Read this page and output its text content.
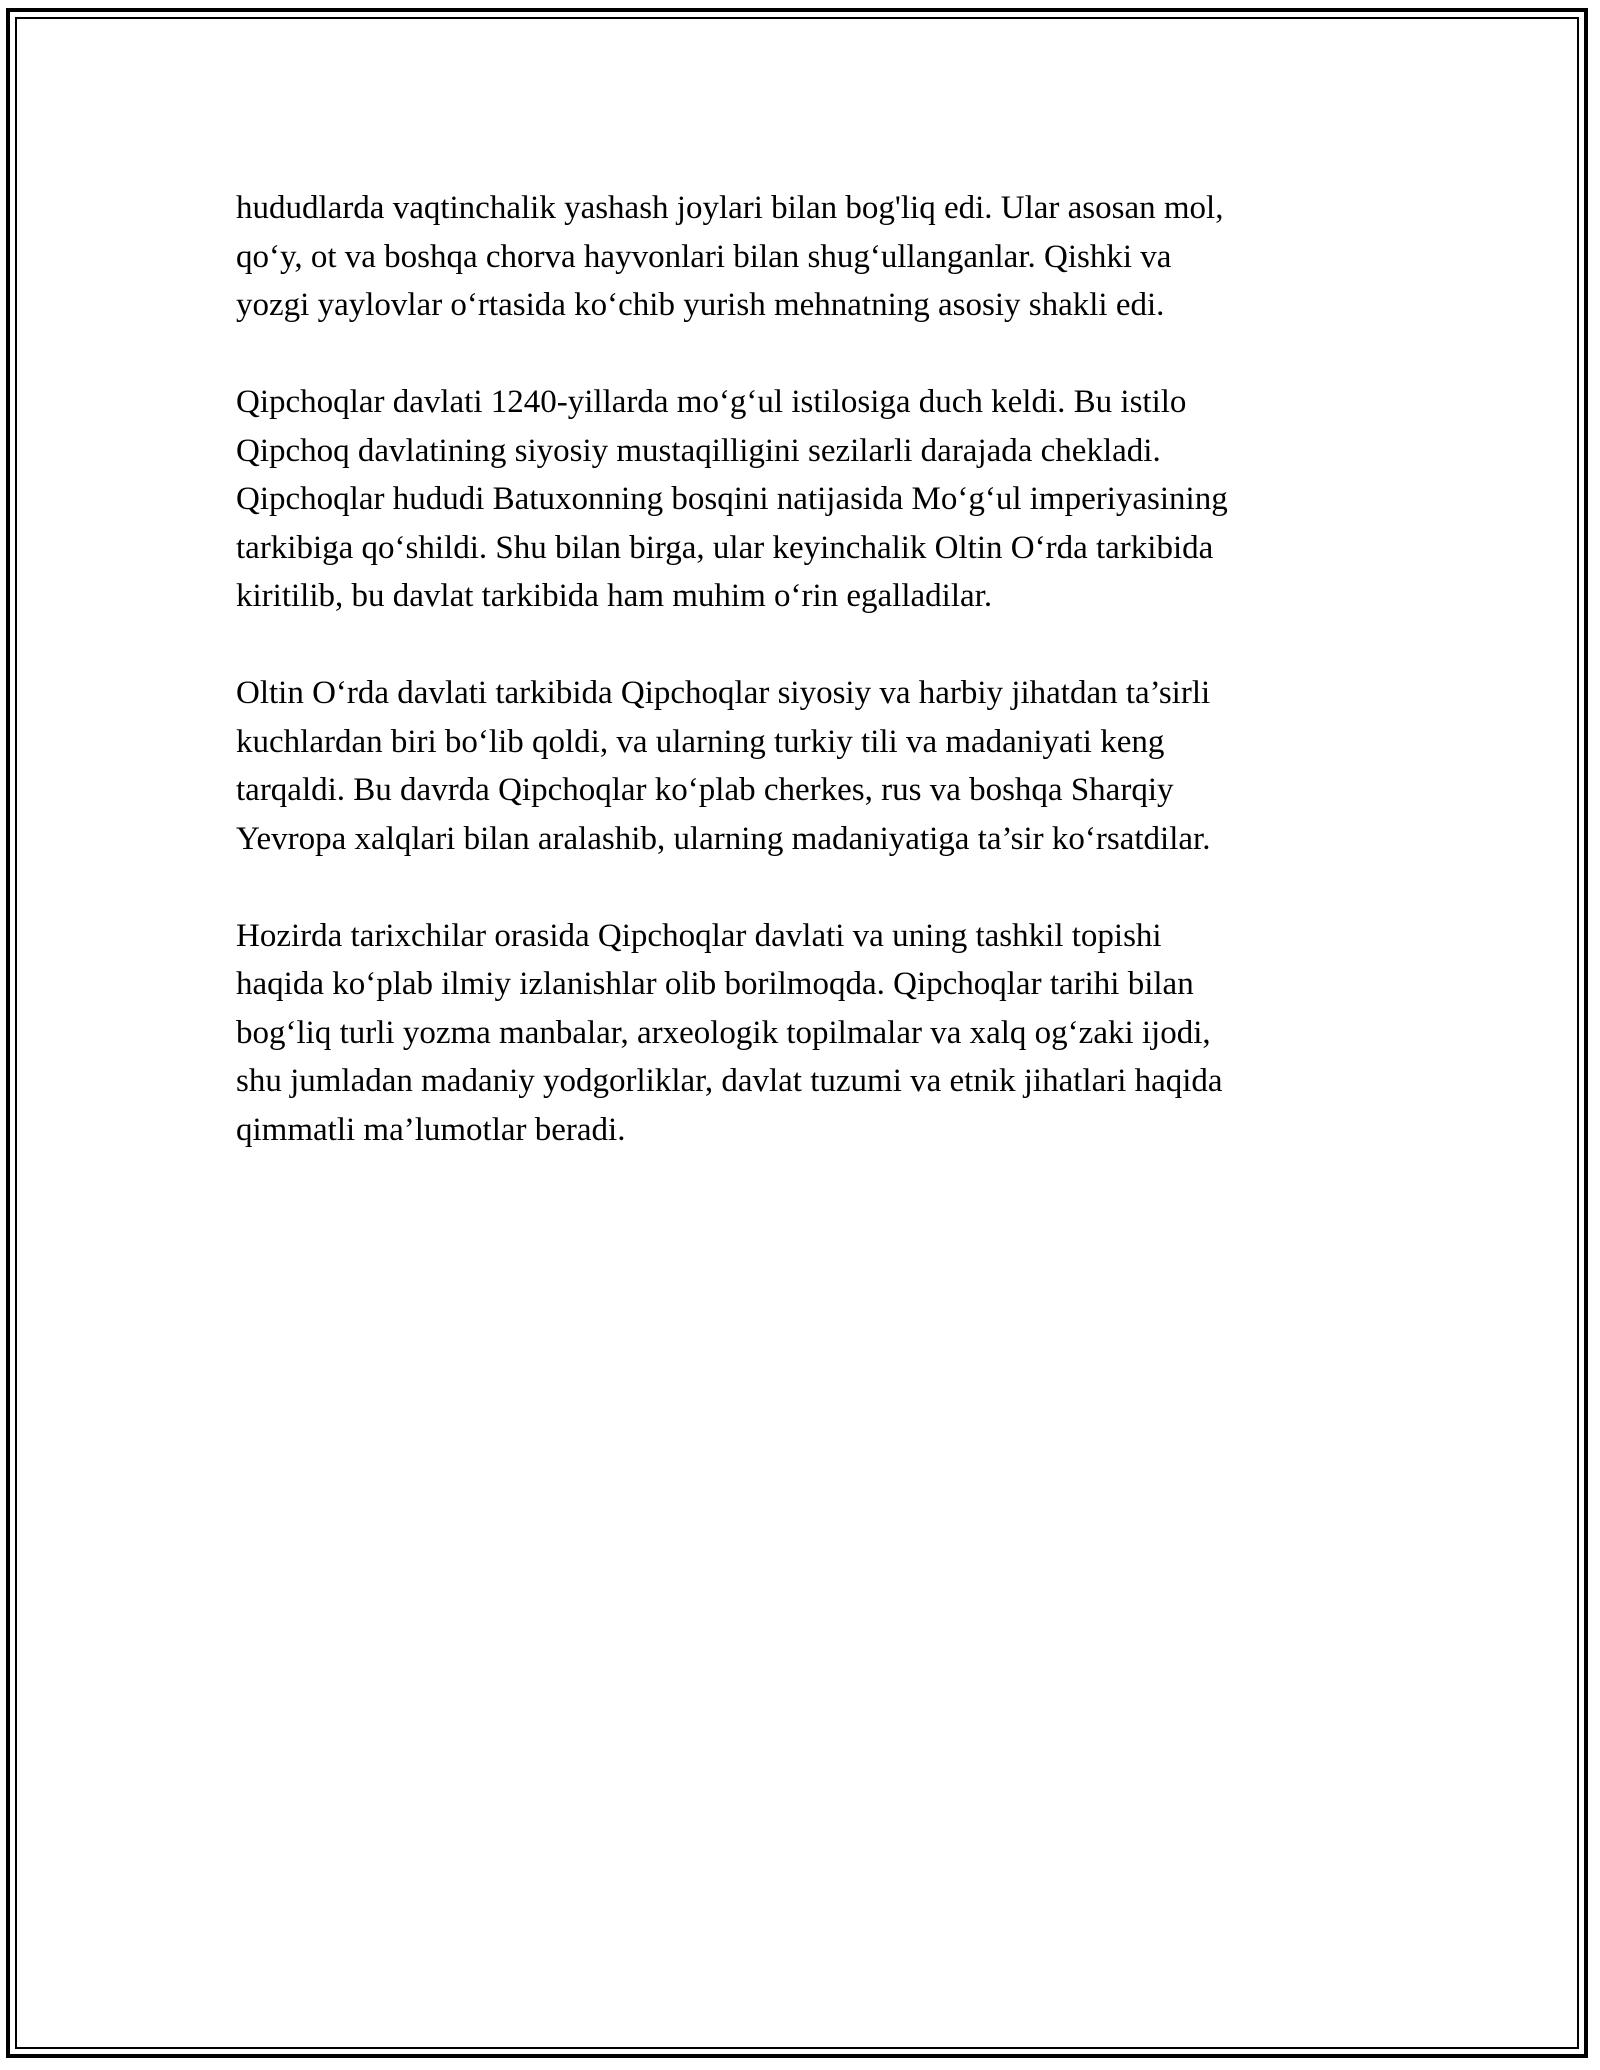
hududlarda vaqtinchalik yashash joylari bilan bog'liq edi. Ular asosan mol,
qo‘y, ot va boshqa chorva hayvonlari bilan shug‘ullanganlar. Qishki va
yozgi yaylovlar o‘rtasida ko‘chib yurish mehnatning asosiy shakli edi.

Qipchoqlar davlati 1240-yillarda mo‘g‘ul istilosiga duch keldi. Bu istilo
Qipchoq davlatining siyosiy mustaqilligini sezilarli darajada chekladi.
Qipchoqlar hududi Batuxonning bosqini natijasida Mo‘g‘ul imperiyasining
tarkibiga qo‘shildi. Shu bilan birga, ular keyinchalik Oltin O‘rda tarkibida
kiritilib, bu davlat tarkibida ham muhim o‘rin egalladilar.

Oltin O‘rda davlati tarkibida Qipchoqlar siyosiy va harbiy jihatdan ta’sirli
kuchlardan biri bo‘lib qoldi, va ularning turkiy tili va madaniyati keng
tarqaldi. Bu davrda Qipchoqlar ko‘plab cherkes, rus va boshqa Sharqiy
Yevropa xalqlari bilan aralashib, ularning madaniyatiga ta’sir ko‘rsatdilar.

Hozirda tarixchilar orasida Qipchoqlar davlati va uning tashkil topishi
haqida ko‘plab ilmiy izlanishlar olib borilmoqda. Qipchoqlar tarihi bilan
bog‘liq turli yozma manbalar, arxeologik topilmalar va xalq og‘zaki ijodi,
shu jumladan madaniy yodgorliklar, davlat tuzumi va etnik jihatlari haqida
qimmatli ma’lumotlar beradi.
